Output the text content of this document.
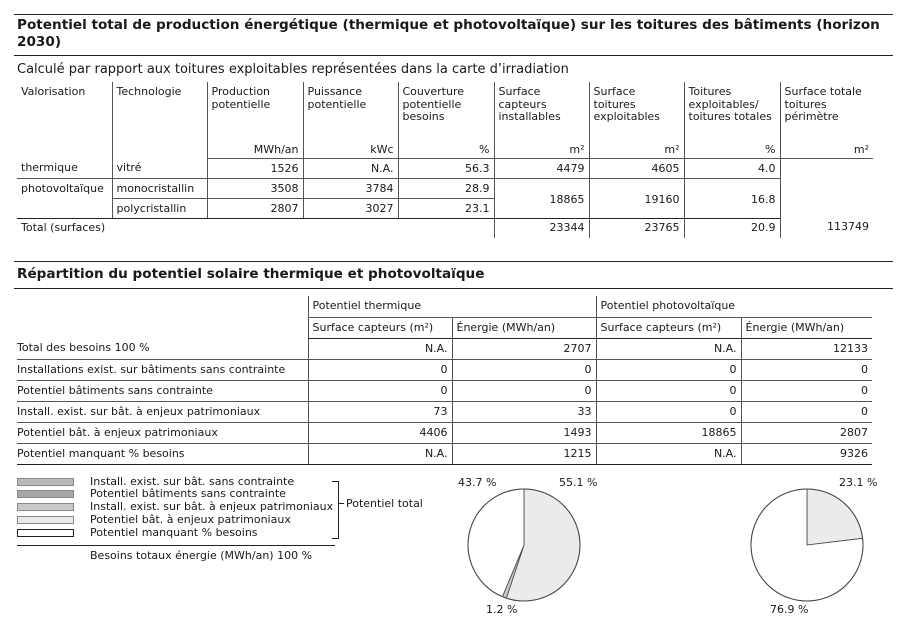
Potentiel total de production énergétique (thermique et photovoltaïque) sur les toitures des bâtiments (horizon 2030)
Calculé par rapport aux toitures exploitables représentées dans la carte d’irradiation
Valorisation	Technologie	Production potentielle	Puissance potentielle	Couverture potentielle besoins	Surface capteurs installables	Surface toitures exploitables	Toitures exploitables/ toitures totales	Surface totale toitures périmètre
		MWh/an	kWc	%	m²	m²	%	m²
thermique	vitré	1526	N.A.	56.3	4479	4605	4.0	
photovoltaïque	monocristallin	3508	3784	28.9	18865	19160	16.8	
	polycristallin	2807	3027	23.1				
Total (surfaces)					23344	23765	20.9	113749
Répartition du potentiel solaire thermique et photovoltaïque
	Potentiel thermique		Potentiel photovoltaïque	
	Surface capteurs (m²)	Énergie (MWh/an)	Surface capteurs (m²)	Énergie (MWh/an)
Total des besoins 100 %	N.A.	2707	N.A.	12133
Installations exist. sur bâtiments sans contrainte	0	0	0	0
Potentiel bâtiments sans contrainte	0	0	0	0
Install. exist. sur bât. à enjeux patrimoniaux	73	33	0	0
Potentiel bât. à enjeux patrimoniaux	4406	1493	18865	2807
Potentiel manquant % besoins	N.A.	1215	N.A.	9326
Install. exist. sur bât. sans contrainte
Potentiel bâtiments sans contrainte
Install. exist. sur bât. à enjeux patrimoniaux
Potentiel bât. à enjeux patrimoniaux
Potentiel manquant % besoins
Potentiel total
Besoins totaux énergie (MWh/an) 100 %
43.7 %	55.1 %
1.2 %
23.1 %
76.9 %
